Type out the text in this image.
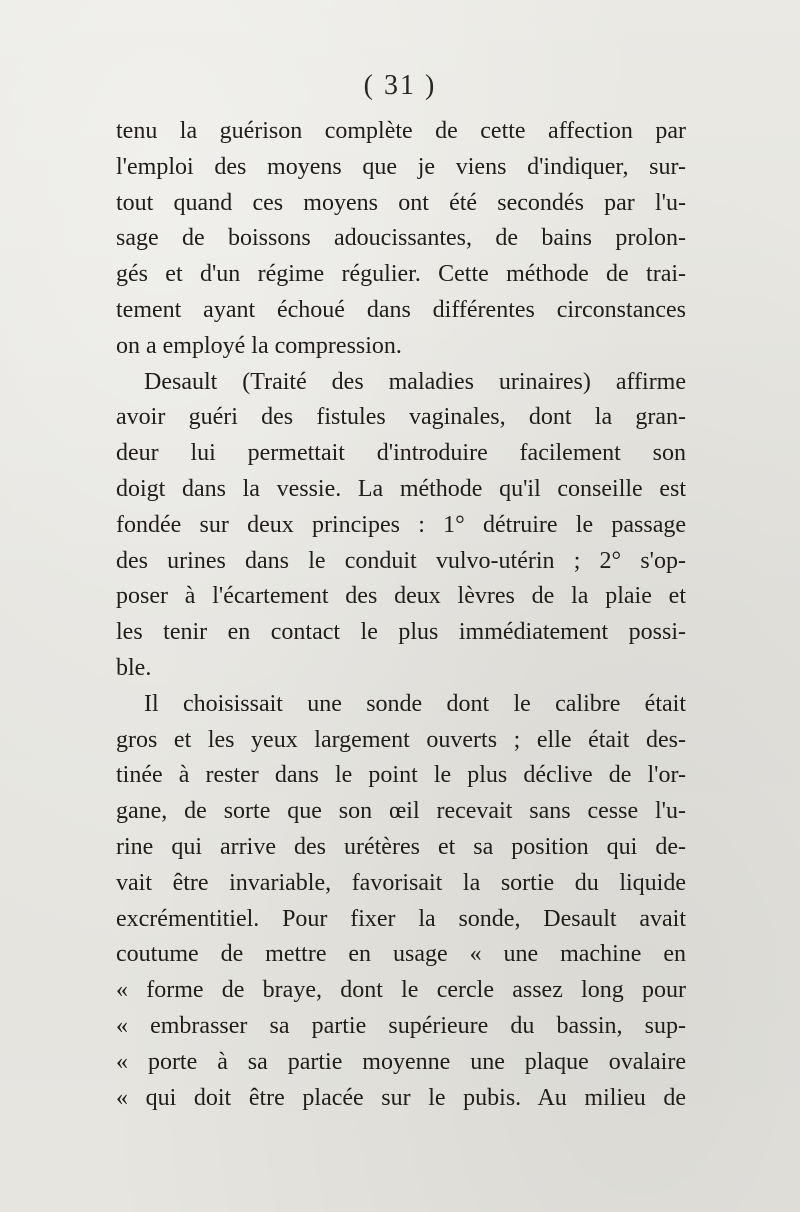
( 31 )
tenu la guérison complète de cette affection par
l'emploi des moyens que je viens d'indiquer, sur-
tout quand ces moyens ont été secondés par l'u-
sage de boissons adoucissantes, de bains prolon-
gés et d'un régime régulier. Cette méthode de trai-
tement ayant échoué dans différentes circonstances
on a employé la compression.
Desault (Traité des maladies urinaires) affirme
avoir guéri des fistules vaginales, dont la gran-
deur lui permettait d'introduire facilement son
doigt dans la vessie. La méthode qu'il conseille est
fondée sur deux principes : 1° détruire le passage
des urines dans le conduit vulvo-utérin ; 2° s'op-
poser à l'écartement des deux lèvres de la plaie et
les tenir en contact le plus immédiatement possi-
ble.
Il choisissait une sonde dont le calibre était
gros et les yeux largement ouverts ; elle était des-
tinée à rester dans le point le plus déclive de l'or-
gane, de sorte que son œil recevait sans cesse l'u-
rine qui arrive des urétères et sa position qui de-
vait être invariable, favorisait la sortie du liquide
excrémentitiel. Pour fixer la sonde, Desault avait
coutume de mettre en usage « une machine en
« forme de braye, dont le cercle assez long pour
« embrasser sa partie supérieure du bassin, sup-
« porte à sa partie moyenne une plaque ovalaire
« qui doit être placée sur le pubis. Au milieu de
